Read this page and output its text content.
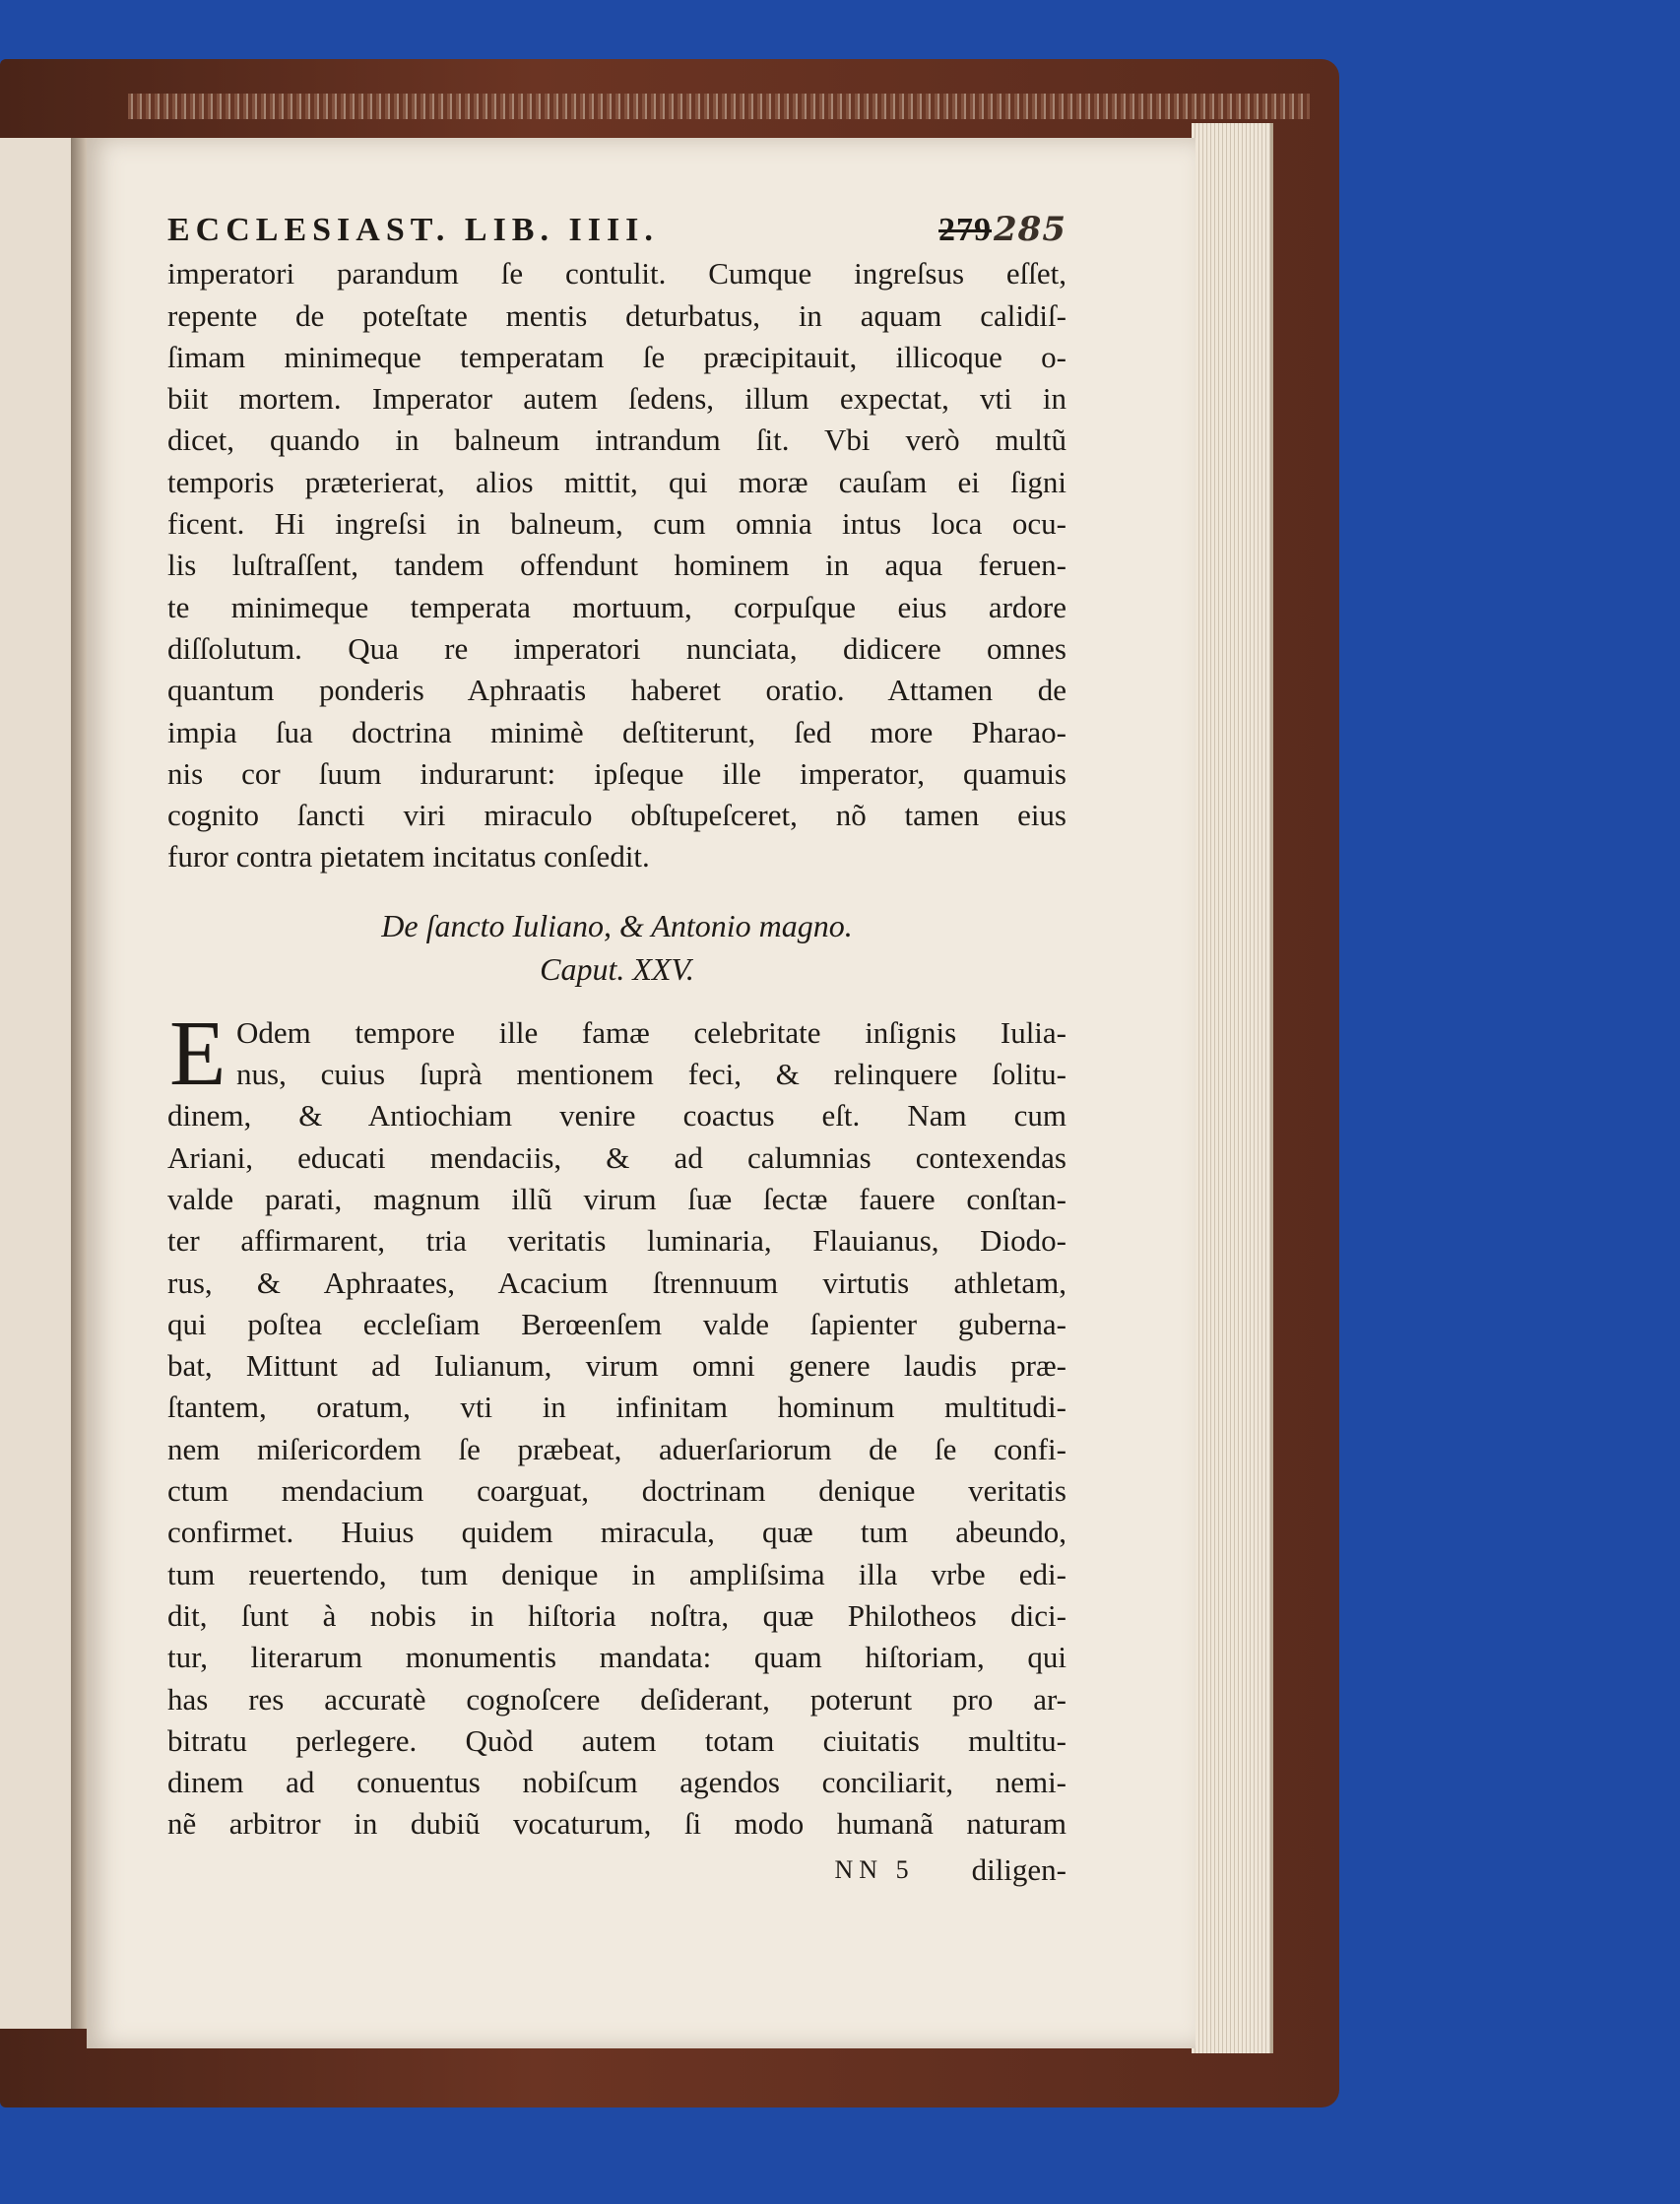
ECCLESIAST. LIB. IIII.	279285
imperatori parandum ſe contulit. Cumque ingreſsus eſſet,
repente de poteſtate mentis deturbatus, in aquam calidiſ-
ſimam minimeque temperatam ſe præcipitauit, illicoque o-
biit mortem. Imperator autem ſedens, illum expectat, vti in
dicet, quando in balneum intrandum ſit. Vbi verò multũ
temporis præterierat, alios mittit, qui moræ cauſam ei ſigni
ficent. Hi ingreſsi in balneum, cum omnia intus loca ocu-
lis luſtraſſent, tandem offendunt hominem in aqua feruen-
te minimeque temperata mortuum, corpuſque eius ardore
diſſolutum. Qua re imperatori nunciata, didicere omnes
quantum ponderis Aphraatis haberet oratio. Attamen de
impia ſua doctrina minimè deſtiterunt, ſed more Pharao-
nis cor ſuum indurarunt: ipſeque ille imperator, quamuis
cognito ſancti viri miraculo obſtupeſceret, nõ tamen eius
furor contra pietatem incitatus conſedit.
De ſancto Iuliano, & Antonio magno.
Caput. XXV.
E Odem tempore ille famæ celebritate inſignis Iulia-
nus, cuius ſuprà mentionem feci, & relinquere ſolitu-
dinem, & Antiochiam venire coactus eſt. Nam cum
Ariani, educati mendaciis, & ad calumnias contexendas
valde parati, magnum illũ virum ſuæ ſectæ fauere conſtan-
ter affirmarent, tria veritatis luminaria, Flauianus, Diodo-
rus, & Aphraates, Acacium ſtrennuum virtutis athletam,
qui poſtea eccleſiam Berœenſem valde ſapienter guberna-
bat, Mittunt ad Iulianum, virum omni genere laudis præ-
ſtantem, oratum, vti in infinitam hominum multitudi-
nem miſericordem ſe præbeat, aduerſariorum de ſe confi-
ctum mendacium coarguat, doctrinam denique veritatis
confirmet. Huius quidem miracula, quæ tum abeundo,
tum reuertendo, tum denique in ampliſsima illa vrbe edi-
dit, ſunt à nobis in hiſtoria noſtra, quæ Philotheos dici-
tur, literarum monumentis mandata: quam hiſtoriam, qui
has res accuratè cognoſcere deſiderant, poterunt pro ar-
bitratu perlegere. Quòd autem totam ciuitatis multitu-
dinem ad conuentus nobiſcum agendos conciliarit, nemi-
nẽ arbitror in dubiũ vocaturum, ſi modo humanã naturam
NN 5 diligen-
